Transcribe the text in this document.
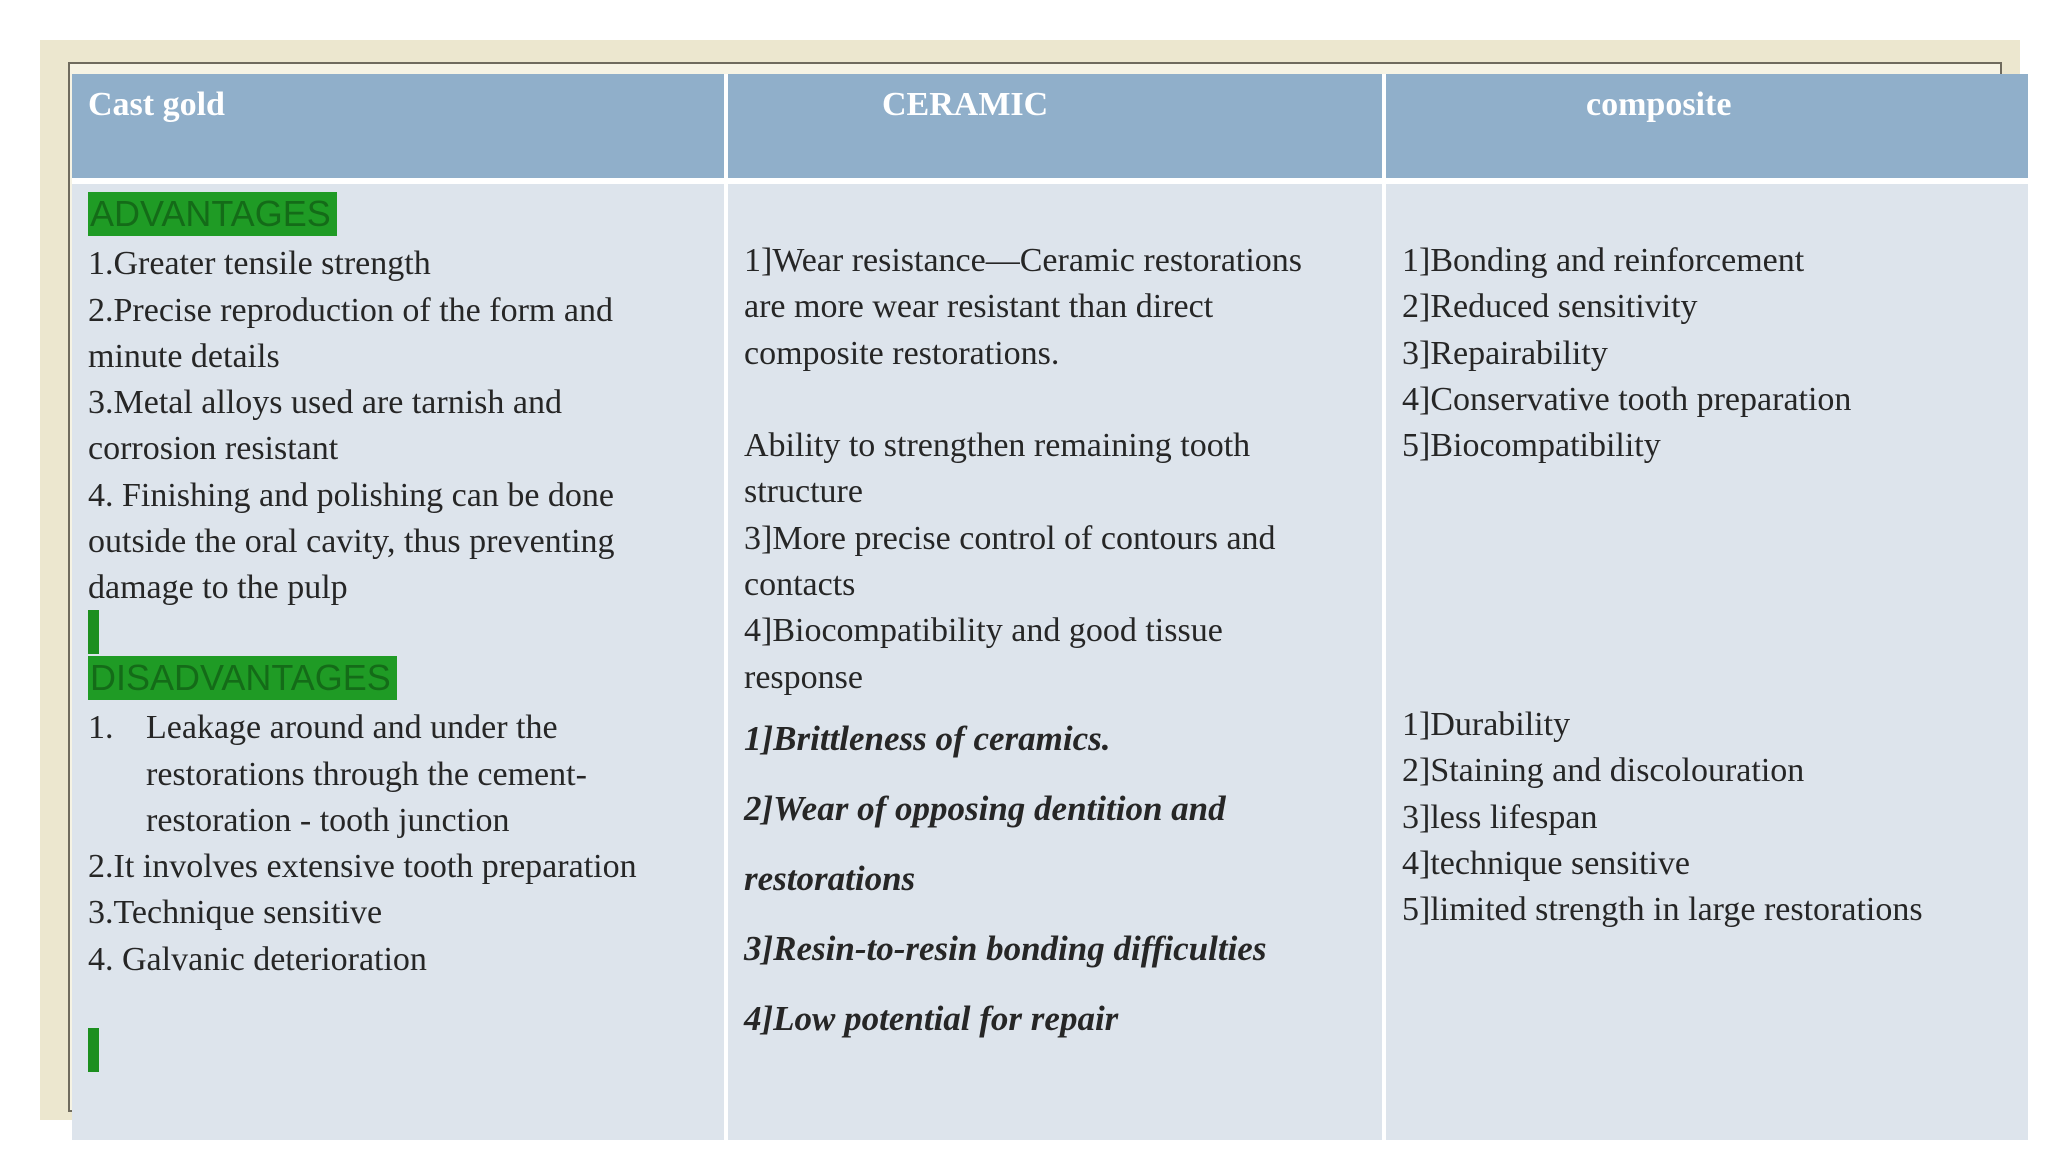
Cast gold
ADVANTAGES
1.Greater tensile strength
2.Precise reproduction of the form and
minute details
3.Metal alloys used are tarnish and
corrosion resistant
4. Finishing and polishing can be done
outside the oral cavity, thus preventing
damage to the pulp
DISADVANTAGES
1. Leakage around and under the
restorations through the cement-
restoration - tooth junction
2.It involves extensive tooth preparation
3.Technique sensitive
4. Galvanic deterioration
CERAMIC
1]Wear resistance—Ceramic restorations
are more wear resistant than direct
composite restorations.

Ability to strengthen remaining tooth
structure
3]More precise control of contours and
contacts
4]Biocompatibility and good tissue
response
1]Brittleness of ceramics.
2]Wear of opposing dentition and
restorations
3]Resin-to-resin bonding difficulties
4]Low potential for repair
composite
1]Bonding and reinforcement
2]Reduced sensitivity
3]Repairability
4]Conservative tooth preparation
5]Biocompatibility
1]Durability
2]Staining and discolouration
3]less lifespan
4]technique sensitive
5]limited strength in large restorations
